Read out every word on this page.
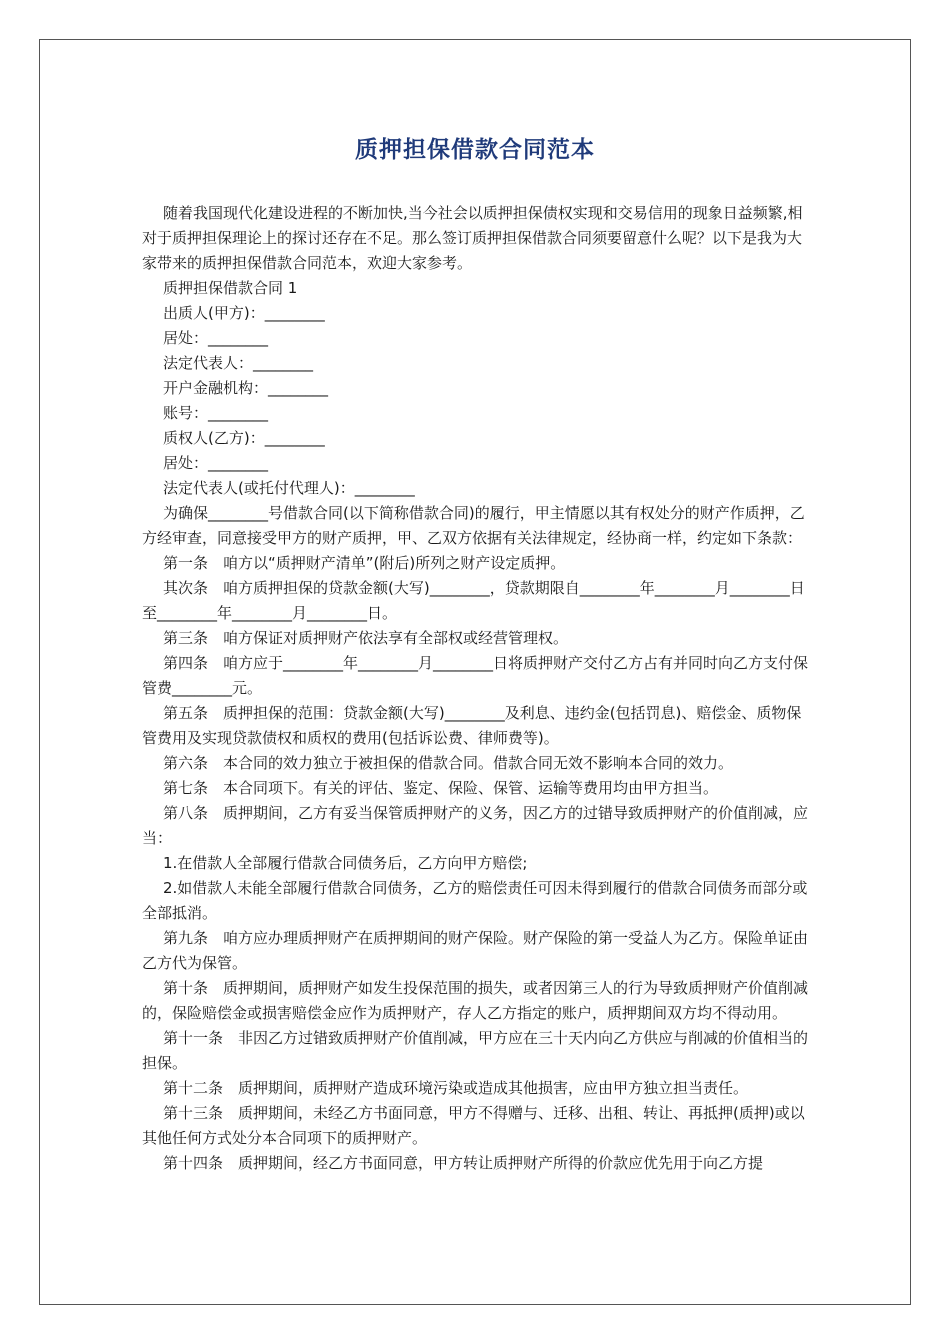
质押担保借款合同范本

随着我国现代化建设进程的不断加快,当今社会以质押担保债权实现和交易信用的现象日益频繁,相对于质押担保理论上的探讨还存在不足。那么签订质押担保借款合同须要留意什么呢？以下是我为大家带来的质押担保借款合同范本，欢迎大家参考。

质押担保借款合同 1

出质人(甲方)：________

居处：________

法定代表人：________

开户金融机构：________

账号：________

质权人(乙方)：________

居处：________

法定代表人(或托付代理人)：________

为确保________号借款合同(以下简称借款合同)的履行，甲主情愿以其有权处分的财产作质押，乙方经审查，同意接受甲方的财产质押，甲、乙双方依据有关法律规定，经协商一样，约定如下条款：

第一条　咱方以“质押财产清单”(附后)所列之财产设定质押。

其次条　咱方质押担保的贷款金额(大写)________，贷款期限自________年________月________日至________年________月________日。

第三条　咱方保证对质押财产依法享有全部权或经营管理权。

第四条　咱方应于________年________月________日将质押财产交付乙方占有并同时向乙方支付保管费________元。

第五条　质押担保的范围：贷款金额(大写)________及利息、违约金(包括罚息)、赔偿金、质物保管费用及实现贷款债权和质权的费用(包括诉讼费、律师费等)。

第六条　本合同的效力独立于被担保的借款合同。借款合同无效不影响本合同的效力。

第七条　本合同项下。有关的评估、鉴定、保险、保管、运输等费用均由甲方担当。

第八条　质押期间，乙方有妥当保管质押财产的义务，因乙方的过错导致质押财产的价值削减，应当：

1.在借款人全部履行借款合同债务后，乙方向甲方赔偿;

2.如借款人未能全部履行借款合同债务，乙方的赔偿责任可因未得到履行的借款合同债务而部分或全部抵消。

第九条　咱方应办理质押财产在质押期间的财产保险。财产保险的第一受益人为乙方。保险单证由乙方代为保管。

第十条　质押期间，质押财产如发生投保范围的损失，或者因第三人的行为导致质押财产价值削减的，保险赔偿金或损害赔偿金应作为质押财产，存人乙方指定的账户，质押期间双方均不得动用。

第十一条　非因乙方过错致质押财产价值削减，甲方应在三十天内向乙方供应与削减的价值相当的担保。

第十二条　质押期间，质押财产造成环境污染或造成其他损害，应由甲方独立担当责任。

第十三条　质押期间，未经乙方书面同意，甲方不得赠与、迁移、出租、转让、再抵押(质押)或以其他任何方式处分本合同项下的质押财产。

第十四条　质押期间，经乙方书面同意，甲方转让质押财产所得的价款应优先用于向乙方提
